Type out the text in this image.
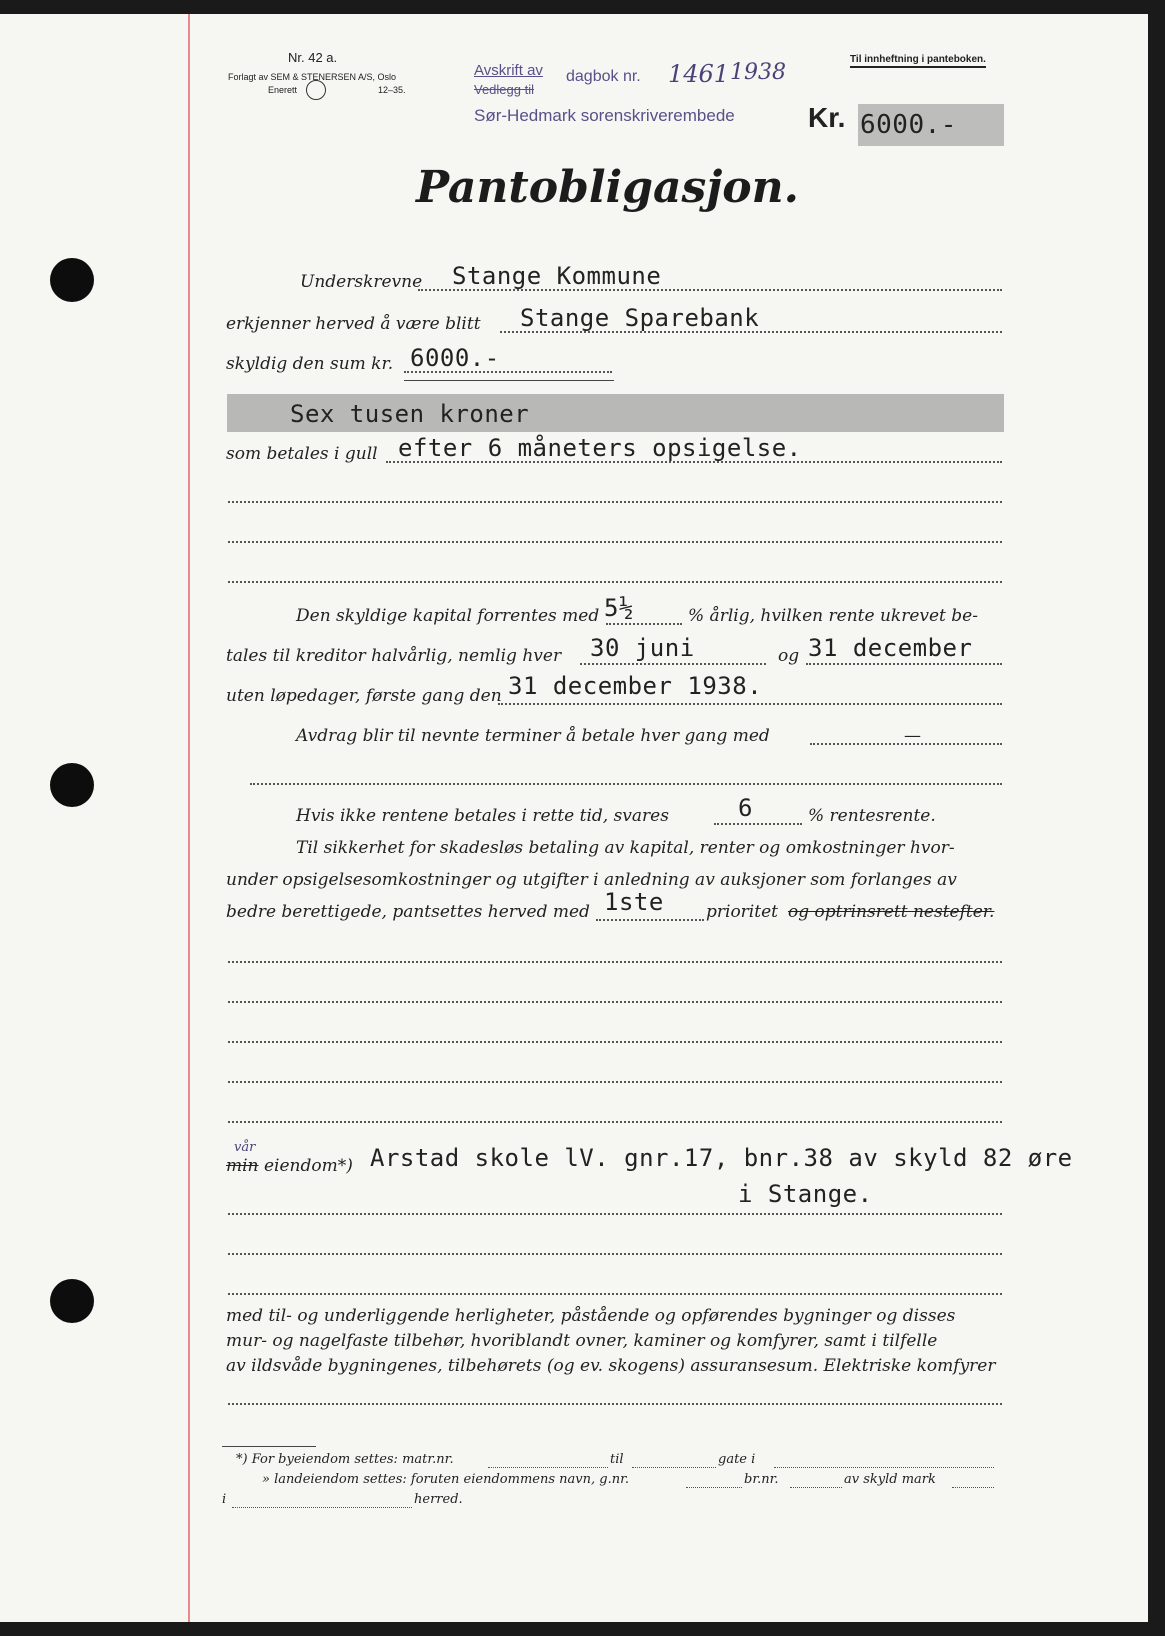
Nr. 42 a.
Forlagt av SEM & STENERSEN A/S, Oslo
Enerett	12–35.
Til innheftning i panteboken.
Avskrift av
Vedlegg til
dagbok nr. 1461 1938
Sør-Hedmark sorenskriverembede	Kr. 6000.-
Pantobligasjon.
Underskrevne Stange Kommune
erkjenner herved å være blitt Stange Sparebank
skyldig den sum kr. 6000.-
Sex tusen kroner
som betales i gull efter 6 måneters opsigelse.
Den skyldige kapital forrentes med 5½	% årlig, hvilken rente ukrevet be-
tales til kreditor halvårlig, nemlig hver 30 juni	og 31 december
uten løpedager, første gang den 31 december 1938.
Avdrag blir til nevnte terminer å betale hver gang med	—
Hvis ikke rentene betales i rette tid, svares	6	% rentesrente.
Til sikkerhet for skadesløs betaling av kapital, renter og omkostninger hvor-
under opsigelsesomkostninger og utgifter i anledning av auksjoner som forlanges av
bedre berettigede, pantsettes herved med 1ste prioritet og optrinsrett nestefter.
vår
min eiendom*) Arstad skole lV. gnr.17, bnr.38 av skyld 82 øre
i Stange.
med til- og underliggende herligheter, påstående og opførendes bygninger og disses
mur- og nagelfaste tilbehør, hvoriblandt ovner, kaminer og komfyrer, samt i tilfelle
av ildsvåde bygningenes, tilbehørets (og ev. skogens) assuransesum. Elektriske komfyrer
*) For byeiendom settes: matr.nr.	til	gate i
» landeiendom settes: foruten eiendommens navn, g.nr.	br.nr.	av skyld mark
i	herred.
